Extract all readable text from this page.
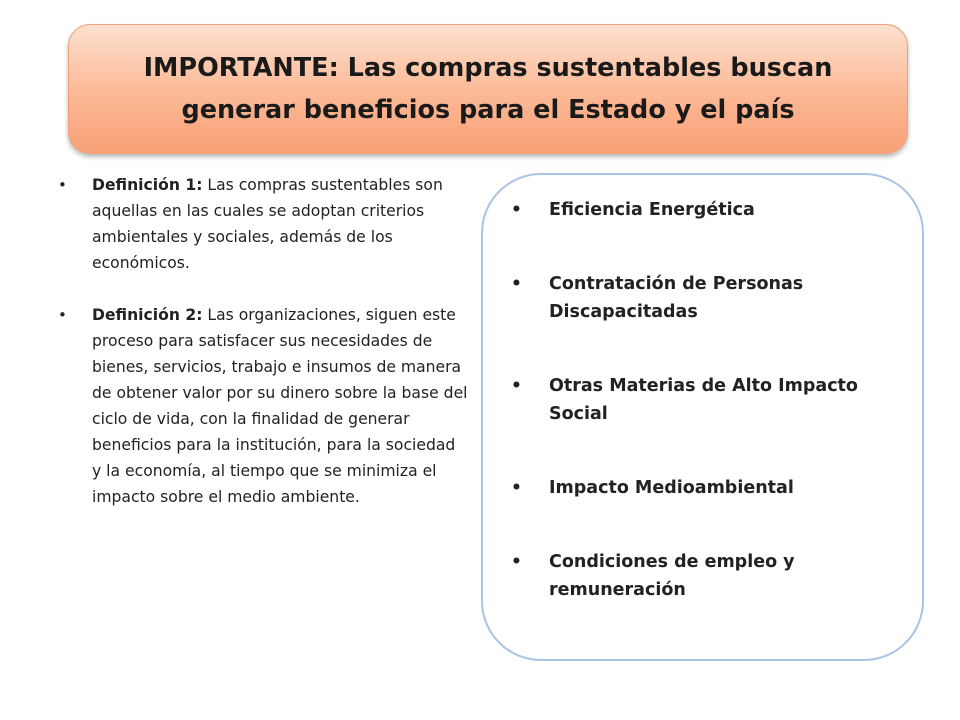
IMPORTANTE: Las compras sustentables buscan
generar beneficios para el Estado y el país
• Definición 1: Las compras sustentables son aquellas en las cuales se adoptan criterios ambientales y sociales, además de los económicos.
• Definición 2: Las organizaciones, siguen este proceso para satisfacer sus necesidades de bienes, servicios, trabajo e insumos de manera de obtener valor por su dinero sobre la base del ciclo de vida, con la finalidad de generar beneficios para la institución, para la sociedad y la economía, al tiempo que se minimiza el impacto sobre el medio ambiente.
• Eficiencia Energética
• Contratación de Personas Discapacitadas
• Otras Materias de Alto Impacto Social
• Impacto Medioambiental
• Condiciones de empleo y remuneración
